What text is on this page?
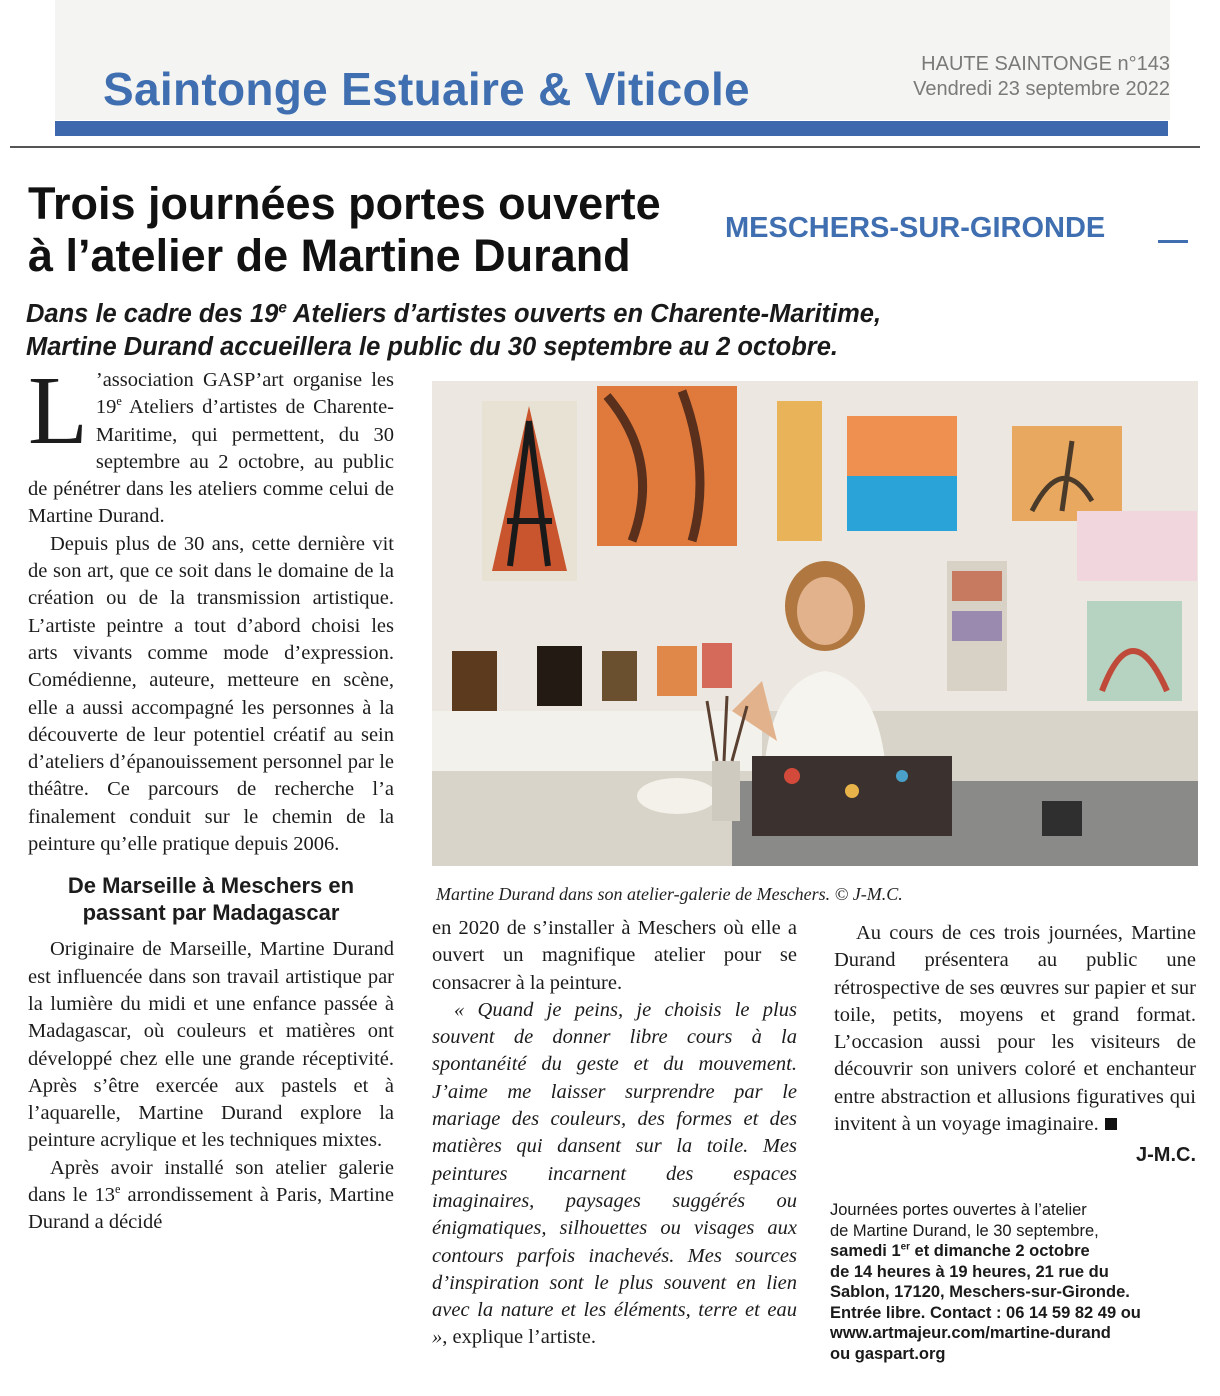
Saintonge Estuaire & Viticole	HAUTE SAINTONGE n°143
Vendredi 23 septembre 2022
Trois journées portes ouverte
à l’atelier de Martine Durand
MESCHERS-SUR-GIRONDE
Dans le cadre des 19e Ateliers d’artistes ouverts en Charente-Maritime,
Martine Durand accueillera le public du 30 septembre au 2 octobre.

L ’association GASP’art organise les 19e Ateliers d’artistes de Charente-Maritime, qui permettent, du 30 septembre au 2 octobre, au public de pénétrer dans les ateliers comme celui de Martine Durand.

Depuis plus de 30 ans, cette dernière vit de son art, que ce soit dans le domaine de la création ou de la transmission artistique. L’artiste peintre a tout d’abord choisi les arts vivants comme mode d’expression. Comédienne, auteure, metteure en scène, elle a aussi accompagné les personnes à la découverte de leur potentiel créatif au sein d’ateliers d’épanouissement personnel par le théâtre. Ce parcours de recherche l’a finalement conduit sur le chemin de la peinture qu’elle pratique depuis 2006.

De Marseille à Meschers en passant par Madagascar

Originaire de Marseille, Martine Durand est influencée dans son travail artistique par la lumière du midi et une enfance passée à Madagascar, où couleurs et matières ont développé chez elle une grande réceptivité. Après s’être exercée aux pastels et à l’aquarelle, Martine Durand explore la peinture acrylique et les techniques mixtes.

Après avoir installé son atelier galerie dans le 13e arrondissement à Paris, Martine Durand a décidé

Martine Durand dans son atelier-galerie de Meschers. © J-M.C.

en 2020 de s’installer à Meschers où elle a ouvert un magnifique atelier pour se consacrer à la peinture.

« Quand je peins, je choisis le plus souvent de donner libre cours à la spontanéité du geste et du mouvement. J’aime me laisser surprendre par le mariage des couleurs, des formes et des matières qui dansent sur la toile. Mes peintures incarnent des espaces imaginaires, paysages suggérés ou énigmatiques, silhouettes ou visages aux contours parfois inachevés. Mes sources d’inspiration sont le plus souvent en lien avec la nature et les éléments, terre et eau », explique l’artiste.

Au cours de ces trois journées, Martine Durand présentera au public une rétrospective de ses œuvres sur papier et sur toile, petits, moyens et grand format. L’occasion aussi pour les visiteurs de découvrir son univers coloré et enchanteur entre abstraction et allusions figuratives qui invitent à un voyage imaginaire.

J-M.C.
Journées portes ouvertes à l’atelier
de Martine Durand, le 30 septembre,
samedi 1er et dimanche 2 octobre
de 14 heures à 19 heures, 21 rue du
Sablon, 17120, Meschers-sur-Gironde.
Entrée libre. Contact : 06 14 59 82 49 ou
www.artmajeur.com/martine-durand
ou gaspart.org
